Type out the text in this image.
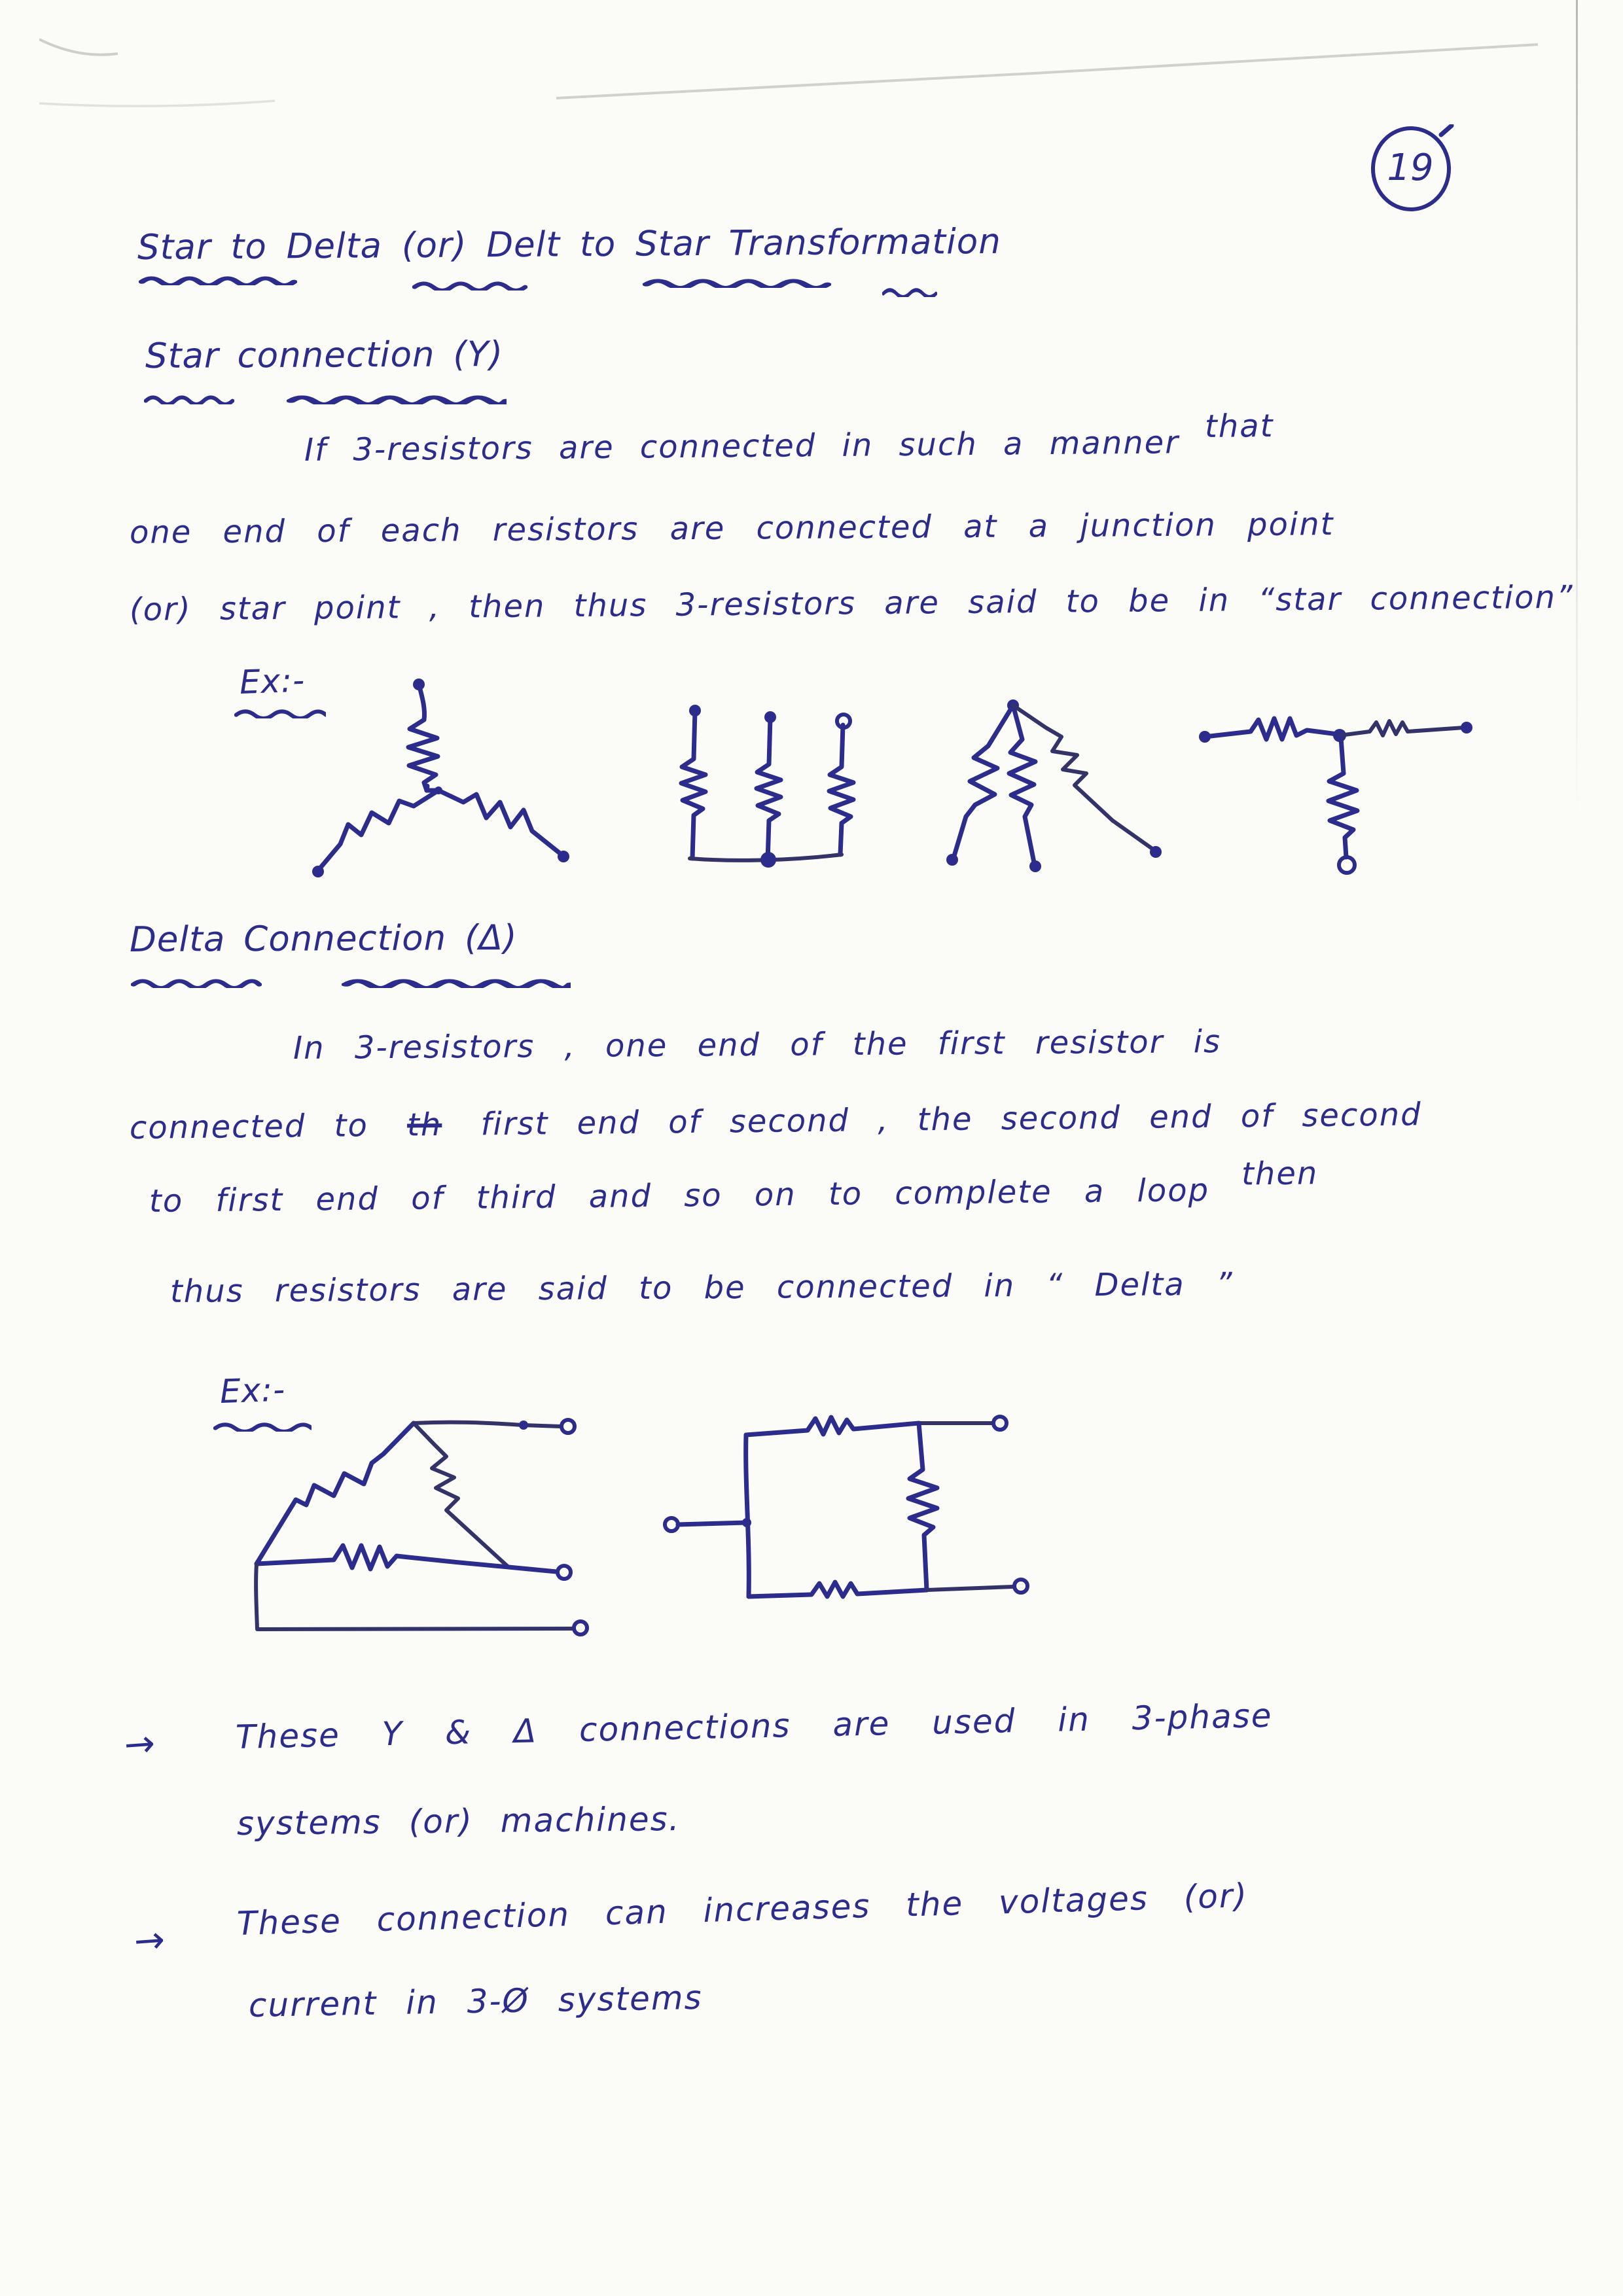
19
Star to Delta (or) Delt to Star Transformation
Star connection (Y)
If 3-resistors are connected in such a manner that
one end of each resistors are connected at a junction point
(or) star point , then thus 3-resistors are said to be in “star connection”
Ex:-
Delta Connection (Δ)
In 3-resistors , one end of the first resistor is
connected to th first end of second , the second end of second
to first end of third and so on to complete a loop then
thus resistors are said to be connected in “ Delta ”
Ex:-
→ These Y & Δ connections are used in 3-phase
systems (or) machines.
→ These connection can increases the voltages (or)
current in 3-Ø systems
